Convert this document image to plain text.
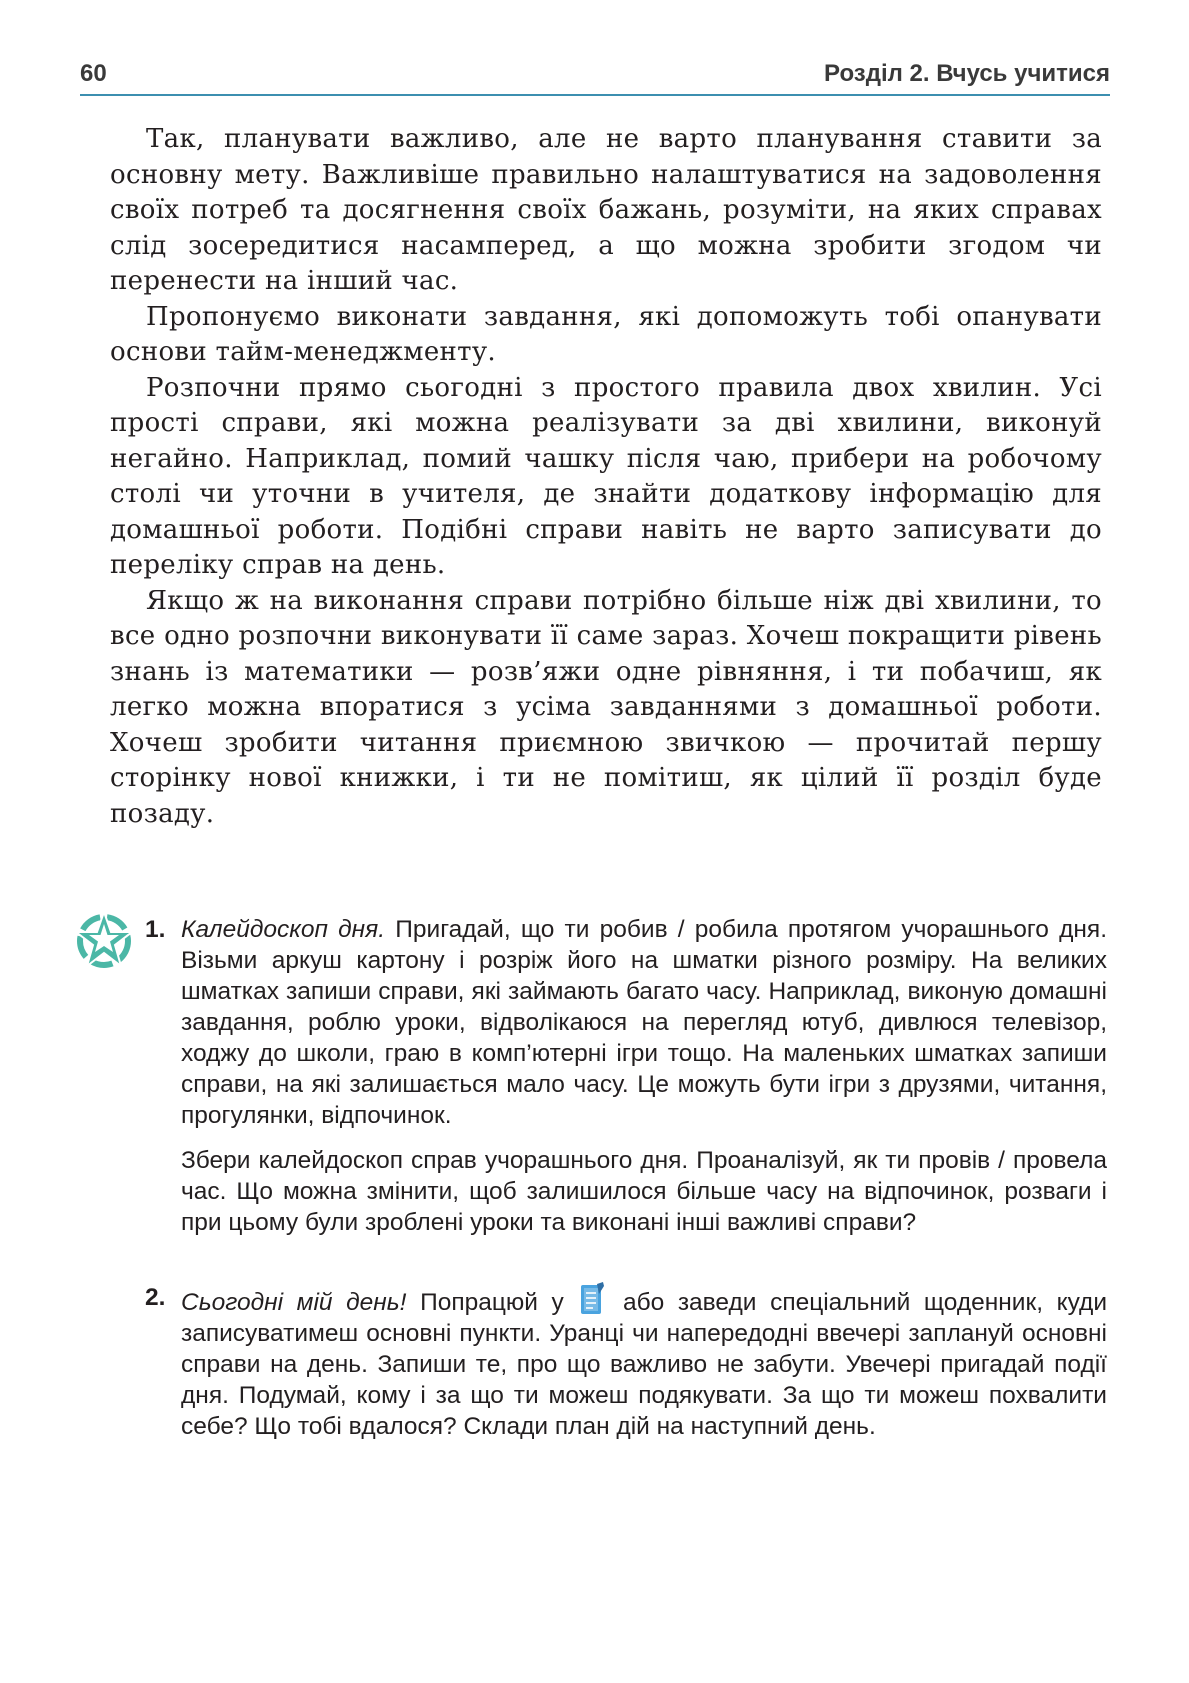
60	Розділ 2. Вчусь учитися

Так, планувати важливо, але не варто планування ставити за основну мету. Важливіше правильно налаштуватися на задоволення своїх потреб та досягнення своїх бажань, розуміти, на яких справах слід зосередитися насамперед, а що можна зробити згодом чи перенести на інший час.

Пропонуємо виконати завдання, які допоможуть тобі опанувати основи тайм-менеджменту.

Розпочни прямо сьогодні з простого правила двох хвилин. Усі прості справи, які можна реалізувати за дві хвилини, виконуй негайно. Наприклад, помий чашку після чаю, прибери на робочому столі чи уточни в учителя, де знайти додаткову інформацію для домашньої роботи. Подібні справи навіть не варто записувати до переліку справ на день.

Якщо ж на виконання справи потрібно більше ніж дві хвилини, то все одно розпочни виконувати її саме зараз. Хочеш покращити рівень знань із математики — розв’яжи одне рівняння, і ти побачиш, як легко можна впоратися з усіма завданнями з домашньої роботи. Хочеш зробити читання приємною звичкою — прочитай першу сторінку нової книжки, і ти не помітиш, як цілий її розділ буде позаду.

1. Калейдоскоп дня. Пригадай, що ти робив / робила протягом учорашнього дня. Візьми аркуш картону і розріж його на шматки різного розміру. На великих шматках запиши справи, які займають багато часу. Наприклад, виконую домашні завдання, роблю уроки, відволікаюся на перегляд ютуб, дивлюся телевізор, ходжу до школи, граю в комп’ютерні ігри тощо. На маленьких шматках запиши справи, на які залишається мало часу. Це можуть бути ігри з друзями, читання, прогулянки, відпочинок.

Збери калейдоскоп справ учорашнього дня. Проаналізуй, як ти провів / провела час. Що можна змінити, щоб залишилося більше часу на відпочинок, розваги і при цьому були зроблені уроки та виконані інші важливі справи?

2. Сьогодні мій день! Попрацюй у або заведи спеціальний щоденник, куди записуватимеш основні пункти. Уранці чи напередодні ввечері заплануй основні справи на день. Запиши те, про що важливо не забути. Увечері пригадай події дня. Подумай, кому і за що ти можеш подякувати. За що ти можеш похвалити себе? Що тобі вдалося? Склади план дій на наступний день.
